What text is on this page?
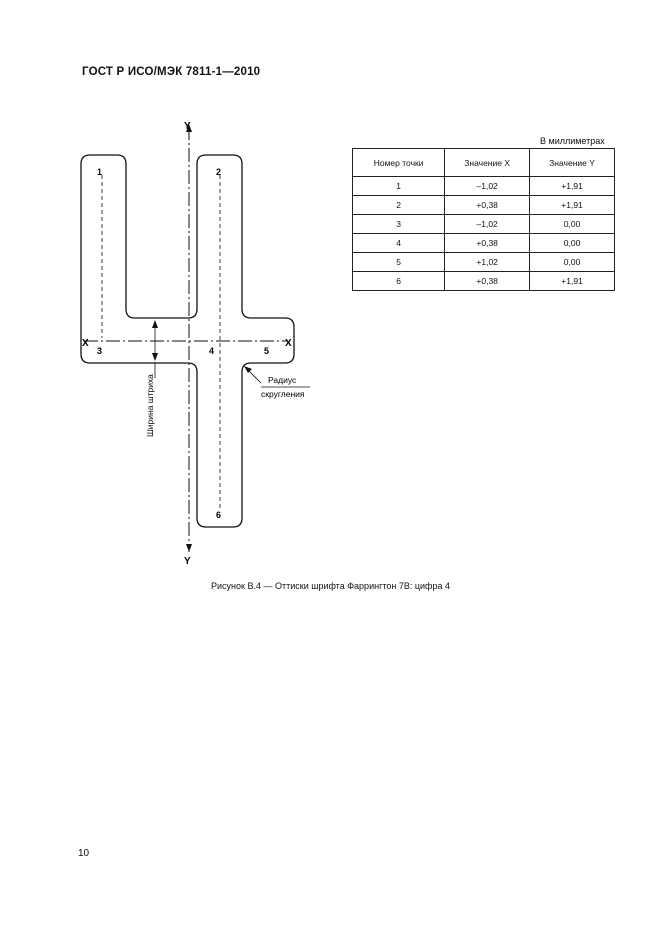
ГОСТ Р ИСО/МЭК 7811-1—2010
В миллиметрах
Номер точки	Значение X	Значение Y
1	–1,02	+1,91
2	+0,38	+1,91
3	–1,02	0,00
4	+0,38	0,00
5	+1,02	0,00
6	+0,38	+1,91
Y
Y
X	X
1	2
3	4	5
6
Радиус
скругления
Ширина штриха
Рисунок В.4 — Оттиски шрифта Фаррингтон 7В: цифра 4
10
